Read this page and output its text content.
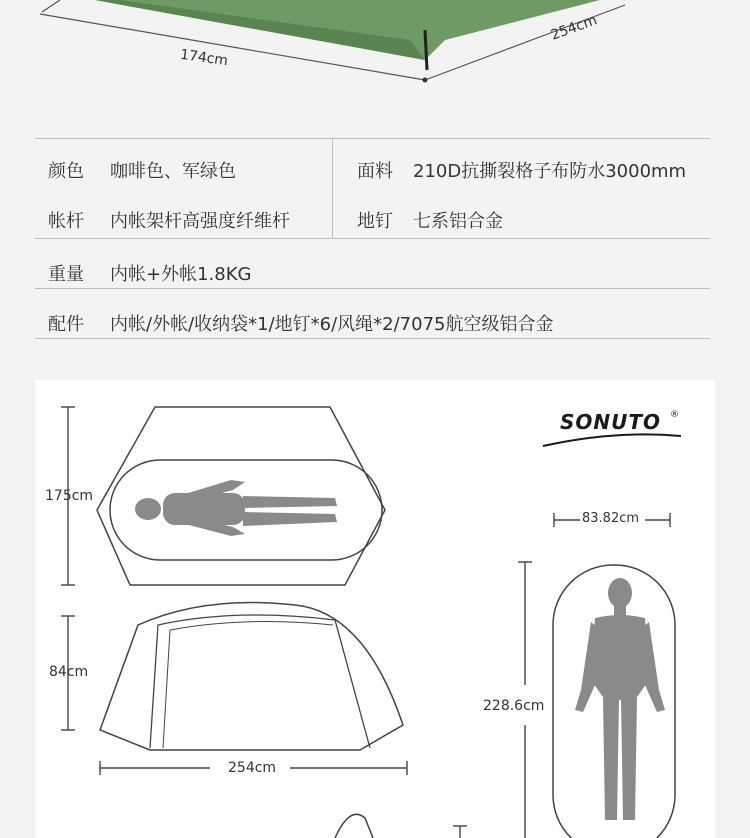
174cm
254cm
颜色 咖啡色、军绿色	面料 210D抗撕裂格子布防水3000mm
帐杆 内帐架杆高强度纤维杆	地钉 七系铝合金
重量 内帐+外帐1.8KG
配件 内帐/外帐/收纳袋*1/地钉*6/风绳*2/7075航空级铝合金
SONUTO ®
175cm
84cm
254cm
83.82cm
228.6cm
